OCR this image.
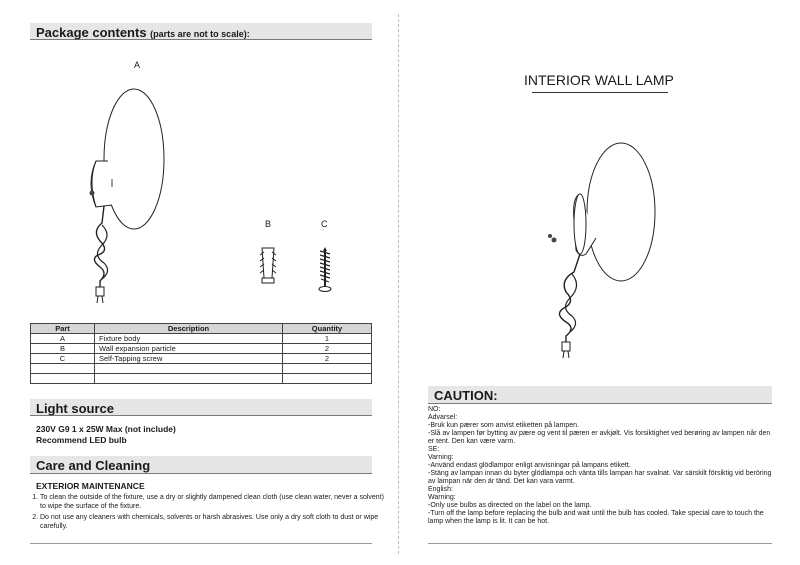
Package contents (parts are not to scale):
A
B	C
Part	Description	Quantity
A	Fixture body	1
B	Wall expansion particle	2
C	Self-Tapping screw	2

Light source
230V G9 1 x 25W Max (not include)
Recommend LED bulb
Care and Cleaning
EXTERIOR MAINTENANCE
1. To clean the outside of the fixture, use a dry or slightly dampened clean cloth (use clean water, never a solvent) to wipe the surface of the fixture.
2. Do not use any cleaners with chemicals, solvents or harsh abrasives. Use only a dry soft cloth to dust or wipe carefully.
INTERIOR WALL LAMP
CAUTION:
NO:
Advarsel:
-Bruk kun pærer som anvist etiketten på lampen.
-Slå av lampen før bytting av pære og vent til pæren er avkjølt. Vis forsiktighet ved berøring av lampen når den er tent. Den kan være varm.
SE:
Varning:
-Använd endast glödlampor enligt anvisningar på lampans etikett.
-Stäng av lampan innan du byter glödlampa och vänta tills lampan har svalnat. Var särskilt försiktig vid beröring av lampan när den är tänd. Det kan vara varmt.
English:
Warning:
-Only use bulbs as directed on the label on the lamp.
-Turn off the lamp before replacing the bulb and wait until the bulb has cooled. Take special care to touch the lamp when the lamp is lit. It can be hot.
